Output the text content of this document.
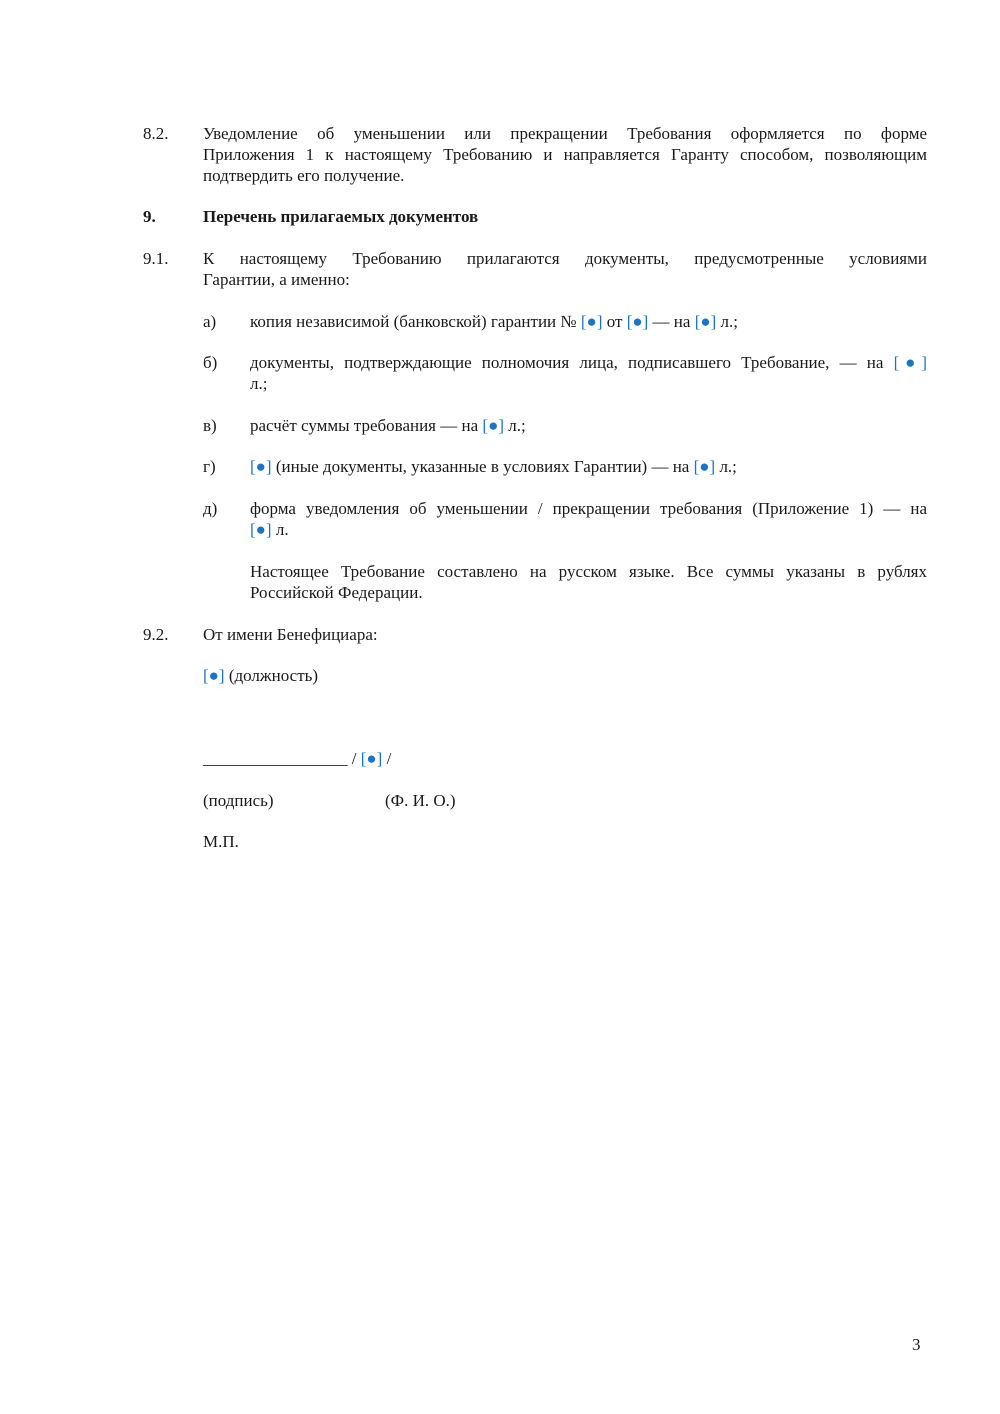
8.2. Уведомление об уменьшении или прекращении Требования оформляется по форме
Приложения 1 к настоящему Требованию и направляется Гаранту способом, позволяющим
подтвердить его получение.
9.	Перечень прилагаемых документов
9.1. К настоящему Требованию прилагаются документы, предусмотренные условиями
Гарантии, а именно:
а) копия независимой (банковской) гарантии № [●] от [●] — на [●] л.;
б) документы, подтверждающие полномочия лица, подписавшего Требование, — на [●]
л.;
в) расчёт суммы требования — на [●] л.;
г) [●] (иные документы, указанные в условиях Гарантии) — на [●] л.;
д) форма уведомления об уменьшении / прекращении требования (Приложение 1) — на
[●] л.
Настоящее Требование составлено на русском языке. Все суммы указаны в рублях
Российской Федерации.
9.2. От имени Бенефициара:
[●] (должность)
_________________ / [●] /
(подпись)	(Ф. И. О.)
М.П.
3
